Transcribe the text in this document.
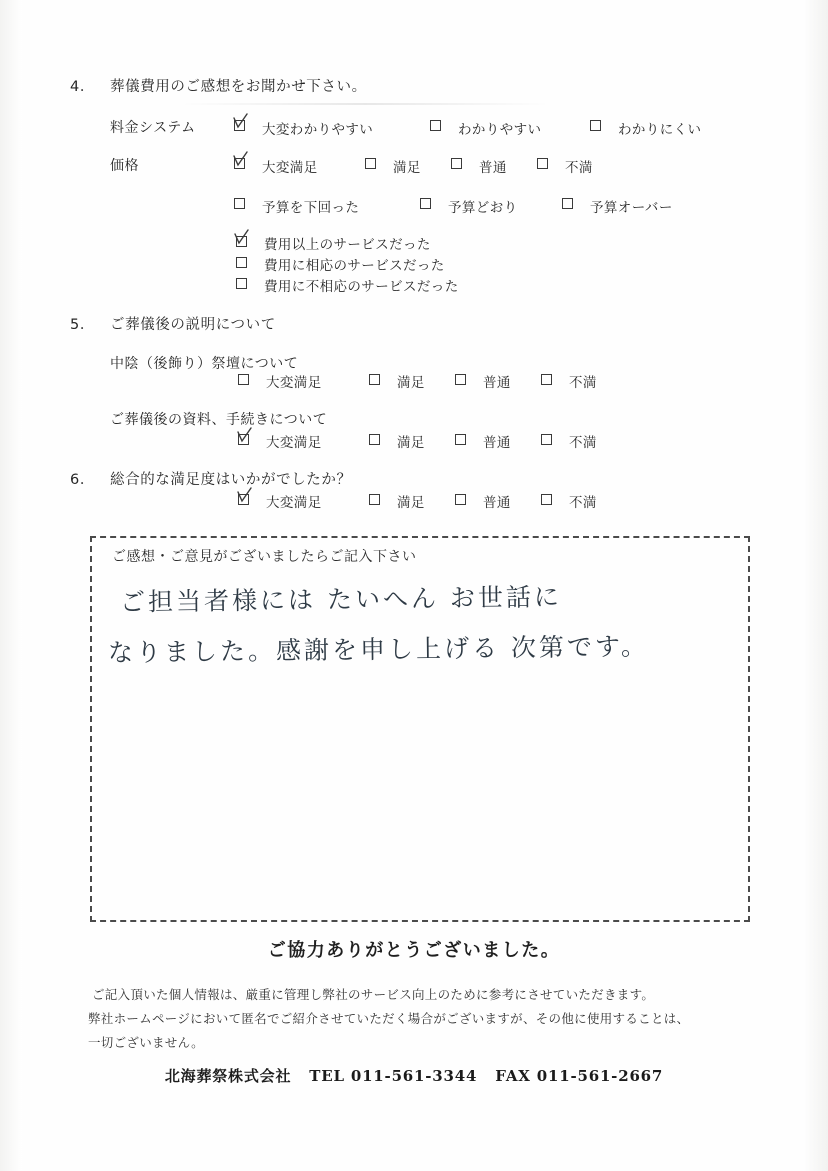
4． 葬儀費用のご感想をお聞かせ下さい。
料金システム	大変わかりやすい	わかりやすい	わかりにくい
価格	大変満足	満足	普通	不満
予算を下回った	予算どおり	予算オーバー
費用以上のサービスだった
費用に相応のサービスだった
費用に不相応のサービスだった
5． ご葬儀後の説明について
中陰（後飾り）祭壇について
大変満足	満足	普通	不満
ご葬儀後の資料、手続きについて
大変満足	満足	普通	不満
6． 総合的な満足度はいかがでしたか？
大変満足	満足	普通	不満
ご感想・ご意見がございましたらご記入下さい
ご担当者様には たいへん お世話に
なりました。感謝を申し上げる 次第です。
ご協力ありがとうございました。
ご記入頂いた個人情報は、厳重に管理し弊社のサービス向上のために参考にさせていただきます。
弊社ホームページにおいて匿名でご紹介させていただく場合がございますが、その他に使用することは、
一切ございません。
北海葬祭株式会社 TEL 011-561-3344 FAX 011-561-2667
